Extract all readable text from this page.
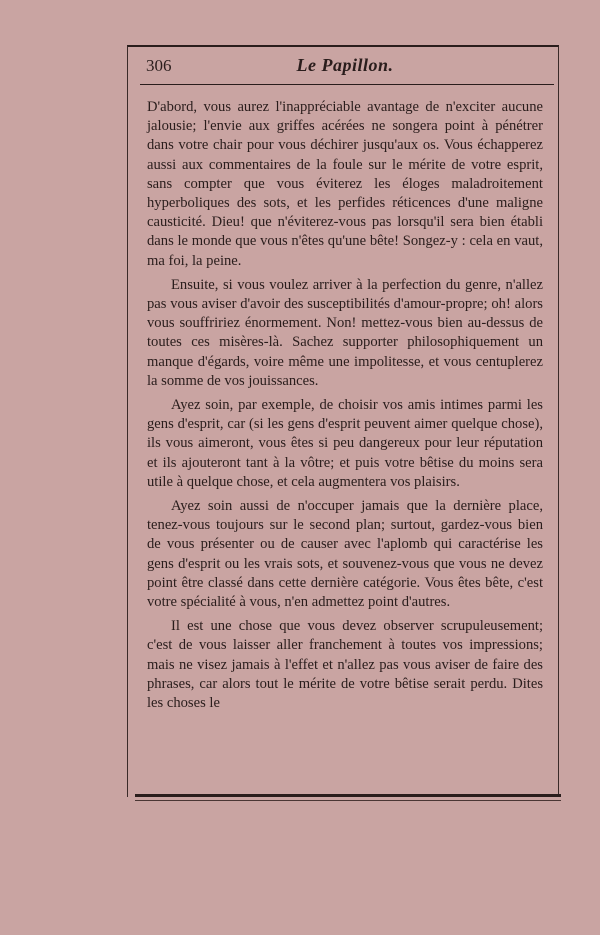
306	Le Papillon.

D'abord, vous aurez l'inappréciable avantage de n'exciter aucune jalousie; l'envie aux griffes acérées ne songera point à pénétrer dans votre chair pour vous déchirer jusqu'aux os. Vous échapperez aussi aux commentaires de la foule sur le mérite de votre esprit, sans compter que vous éviterez les éloges maladroitement hyperboliques des sots, et les perfides réticences d'une maligne causticité. Dieu! que n'éviterez-vous pas lorsqu'il sera bien établi dans le monde que vous n'êtes qu'une bête! Songez-y : cela en vaut, ma foi, la peine.

Ensuite, si vous voulez arriver à la perfection du genre, n'allez pas vous aviser d'avoir des susceptibilités d'amour-propre; oh! alors vous souffririez énormement. Non! mettez-vous bien au-dessus de toutes ces misères-là. Sachez supporter philosophiquement un manque d'égards, voire même une impolitesse, et vous centuplerez la somme de vos jouissances.

Ayez soin, par exemple, de choisir vos amis intimes parmi les gens d'esprit, car (si les gens d'esprit peuvent aimer quelque chose), ils vous aimeront, vous êtes si peu dangereux pour leur réputation et ils ajouteront tant à la vôtre; et puis votre bêtise du moins sera utile à quelque chose, et cela augmentera vos plaisirs.

Ayez soin aussi de n'occuper jamais que la dernière place, tenez-vous toujours sur le second plan; surtout, gardez-vous bien de vous présenter ou de causer avec l'aplomb qui caractérise les gens d'esprit ou les vrais sots, et souvenez-vous que vous ne devez point être classé dans cette dernière catégorie. Vous êtes bête, c'est votre spécialité à vous, n'en admettez point d'autres.

Il est une chose que vous devez observer scrupuleusement; c'est de vous laisser aller franchement à toutes vos impressions; mais ne visez jamais à l'effet et n'allez pas vous aviser de faire des phrases, car alors tout le mérite de votre bêtise serait perdu. Dites les choses le
